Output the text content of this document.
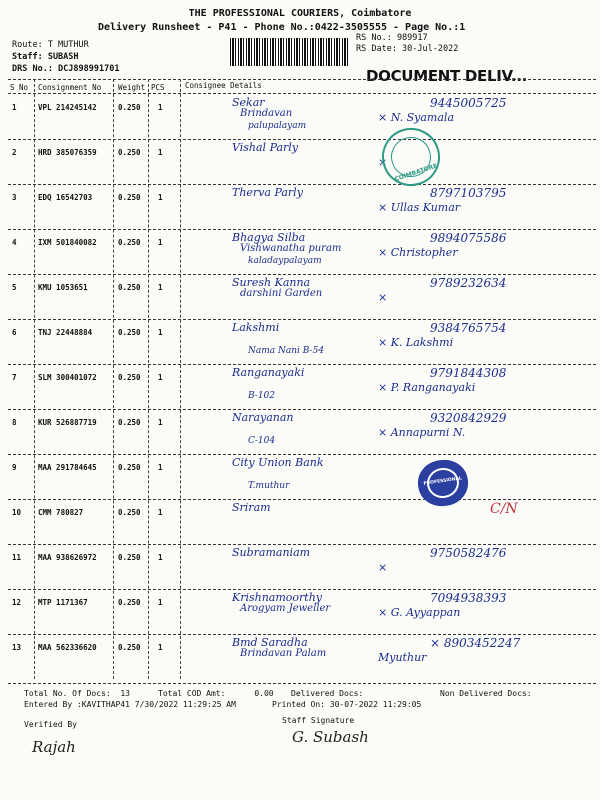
THE PROFESSIONAL COURIERS, Coimbatore
Delivery Runsheet - P41 - Phone No.:0422-3505555 - Page No.:1
Route: T MUTHUR
Staff: SUBASH
DRS No.: DCJ898991701
RS No.: 989917
RS Date: 30-Jul-2022
DOCUMENT DELIV...
S No Consignment No Weight PCS	Consignee Details
1	VPL 214245142	0.250 1	Sekar
Brindavan
palupalayam
9445005725
× N. Syamala
2	HRD 385076359	0.250 1	Vishal Parly
×
3	EDQ 16542703	0.250 1	Therva Parly	8797103795
× Ullas Kumar
4	IXM 501840082	0.250 1	Bhagya Silba
Vishwanatha puram
kaladaypalayam
9894075586
× Christopher
5	KMU 1053651	0.250 1	Suresh Kanna
darshini Garden
9789232634
×
6	TNJ 22448884	0.250 1	Lakshmi
Nama Nani B-54
9384765754
× K. Lakshmi
7	SLM 300401072	0.250 1	Ranganayaki
B-102
9791844308
× P. Ranganayaki
8	KUR 526887719	0.250 1	Narayanan
C-104
9320842929
× Annapurni N.
9	MAA 291784645	0.250 1	City Union Bank
T.muthur
10 CMM 780827	0.250 1	Sriram	C/N
11 MAA 938626972	0.250 1	Subramaniam	9750582476
×
12 MTP 1171367	0.250 1	Krishnamoorthy
Arogyam Jeweller
7094938393
× G. Ayyappan
13 MAA 562336620	0.250 1	Bmd Saradha
Brindavan Palam
× 8903452247
Myuthur
COIMBATORE
PROFESSIONAL
Total No. Of Docs:  13	Total COD Amt:      0.00 Delivered Docs:	Non Delivered Docs:
Entered By :KAVITHAP41 7/30/2022 11:29:25 AM	Printed On: 30-07-2022 11:29:05
Verified By	Staff Signature
Rajah
G. Subash
